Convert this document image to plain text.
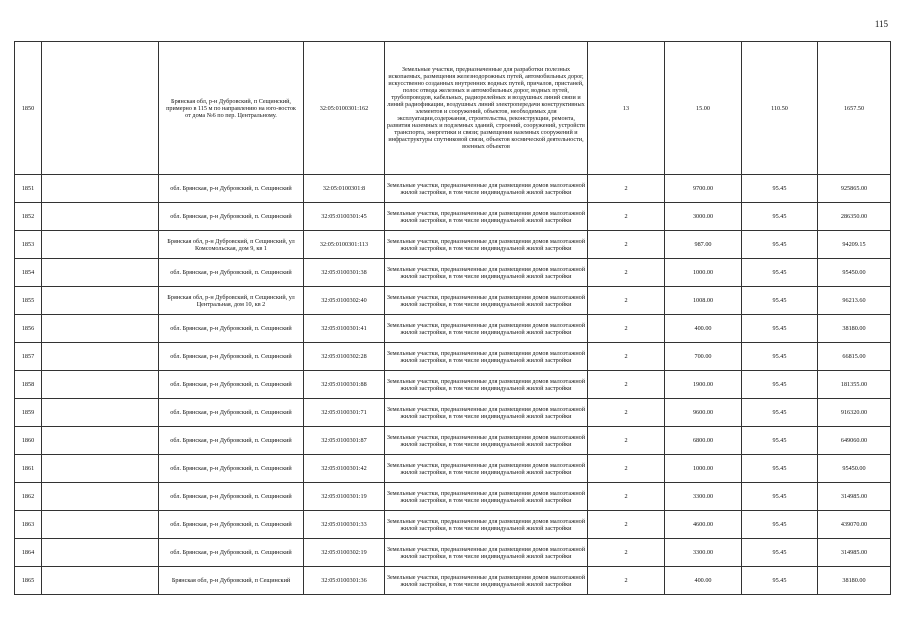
115
1850		Брянская обл, р-н Дубровский, п Сещинский, примерно в 115 м по направлению на юго-восток от дома №6 по пер. Центральному.	32:05:0100301:162	Земельные участки, предназначенные для разработки полезных ископаемых, размещения железнодорожных путей, автомобильных дорог, искусственно созданных внутренних водных путей, причалов, пристаней, полос отвода железных и автомобильных дорог, водных путей, трубопроводов, кабельных, радиорелейных и воздушных линий связи и линий радиофикации, воздушных линий электропередачи конструктивных элементов и сооружений, объектов, необходимых для эксплуатации,содержания, строительства, реконструкции, ремонта, развития наземных и подземных зданий, строений, сооружений, устройств транспорта, энергетики и связи; размещения наземных сооружений и инфраструктуры спутниковой связи, объектов космической деятельности, военных объектов	13	15.00	110.50	1657.50
1851		обл. Брянская, р-н Дубровский, п. Сещинский	32:05:0100301:8	Земельные участки, предназначенные для размещения домов малоэтажной жилой застройки, в том числе индивидуальной жилой застройки	2	9700.00	95.45	925865.00
1852		обл. Брянская, р-н Дубровский, п. Сещинский	32:05:0100301:45	Земельные участки, предназначенные для размещения домов малоэтажной жилой застройки, в том числе индивидуальной жилой застройки	2	3000.00	95.45	286350.00
1853		Брянская обл, р-н Дубровский, п Сещинский, ул Комсомольская, дом 9, кв 1	32:05:0100301:113	Земельные участки, предназначенные для размещения домов малоэтажной жилой застройки, в том числе индивидуальной жилой застройки	2	987.00	95.45	94209.15
1854		обл. Брянская, р-н Дубровский, п. Сещинский	32:05:0100301:38	Земельные участки, предназначенные для размещения домов малоэтажной жилой застройки, в том числе индивидуальной жилой застройки	2	1000.00	95.45	95450.00
1855		Брянская обл, р-н Дубровский, п Сещинский, ул Центральная, дом 10, кв 2	32:05:0100302:40	Земельные участки, предназначенные для размещения домов малоэтажной жилой застройки, в том числе индивидуальной жилой застройки	2	1008.00	95.45	96213.60
1856		обл. Брянская, р-н Дубровский, п. Сещинский	32:05:0100301:41	Земельные участки, предназначенные для размещения домов малоэтажной жилой застройки, в том числе индивидуальной жилой застройки	2	400.00	95.45	38180.00
1857		обл. Брянская, р-н Дубровский, п. Сещинский	32:05:0100302:28	Земельные участки, предназначенные для размещения домов малоэтажной жилой застройки, в том числе индивидуальной жилой застройки	2	700.00	95.45	66815.00
1858		обл. Брянская, р-н Дубровский, п. Сещинский	32:05:0100301:88	Земельные участки, предназначенные для размещения домов малоэтажной жилой застройки, в том числе индивидуальной жилой застройки	2	1900.00	95.45	181355.00
1859		обл. Брянская, р-н Дубровский, п. Сещинский	32:05:0100301:71	Земельные участки, предназначенные для размещения домов малоэтажной жилой застройки, в том числе индивидуальной жилой застройки	2	9600.00	95.45	916320.00
1860		обл. Брянская, р-н Дубровский, п. Сещинский	32:05:0100301:87	Земельные участки, предназначенные для размещения домов малоэтажной жилой застройки, в том числе индивидуальной жилой застройки	2	6800.00	95.45	649060.00
1861		обл. Брянская, р-н Дубровский, п. Сещинский	32:05:0100301:42	Земельные участки, предназначенные для размещения домов малоэтажной жилой застройки, в том числе индивидуальной жилой застройки	2	1000.00	95.45	95450.00
1862		обл. Брянская, р-н Дубровский, п. Сещинский	32:05:0100301:19	Земельные участки, предназначенные для размещения домов малоэтажной жилой застройки, в том числе индивидуальной жилой застройки	2	3300.00	95.45	314985.00
1863		обл. Брянская, р-н Дубровский, п. Сещинский	32:05:0100301:33	Земельные участки, предназначенные для размещения домов малоэтажной жилой застройки, в том числе индивидуальной жилой застройки	2	4600.00	95.45	439070.00
1864		обл. Брянская, р-н Дубровский, п. Сещинский	32:05:0100302:19	Земельные участки, предназначенные для размещения домов малоэтажной жилой застройки, в том числе индивидуальной жилой застройки	2	3300.00	95.45	314985.00
1865		Брянская обл, р-н Дубровский, п Сещинский	32:05:0100301:36	Земельные участки, предназначенные для размещения домов малоэтажной жилой застройки, в том числе индивидуальной жилой застройки	2	400.00	95.45	38180.00
